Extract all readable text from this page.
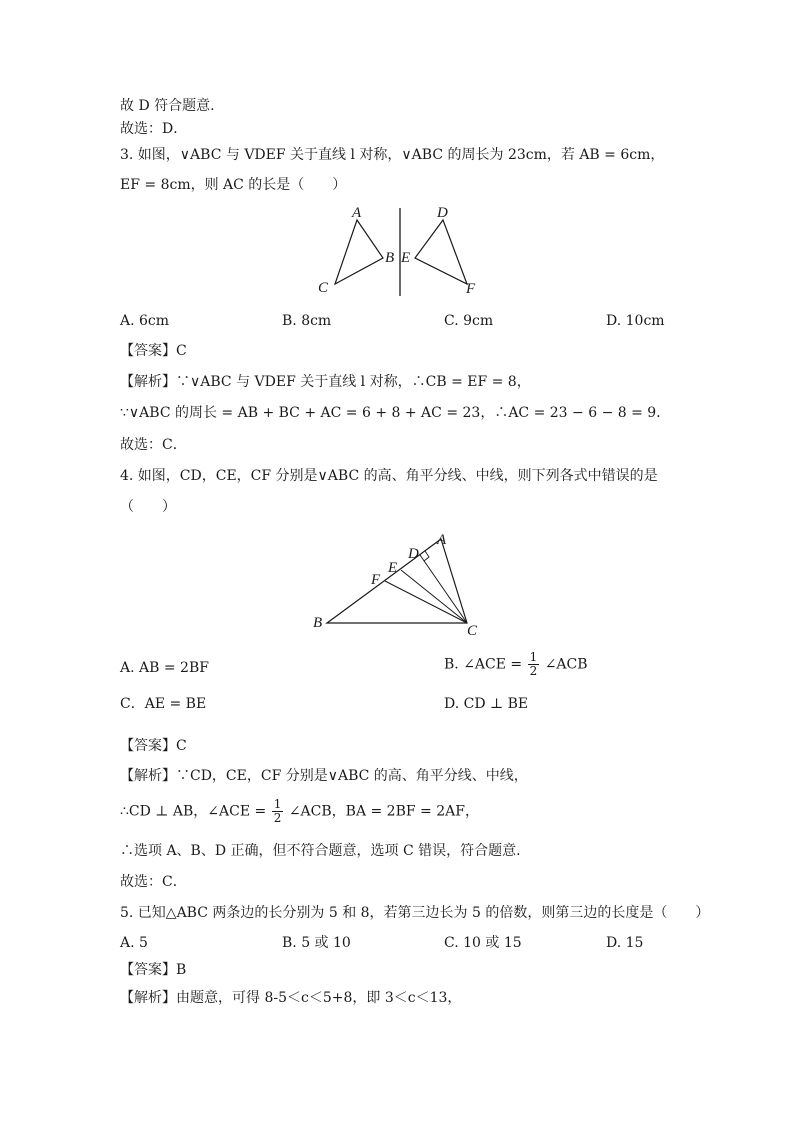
故 D 符合题意.
故选：D．
3. 如图，∨ABC 与 VDEF 关于直线 l 对称，∨ABC 的周长为 23cm，若 AB = 6cm，
EF = 8cm，则 AC 的长是（　　）
A
B
C
D
E
F
A. 6cm	B. 8cm	C. 9cm	D. 10cm
【答案】C
【解析】∵∨ABC 与 VDEF 关于直线 l 对称，∴CB = EF = 8，
∵∨ABC 的周长 = AB + BC + AC = 6 + 8 + AC = 23，∴AC = 23 − 6 − 8 = 9．
故选：C．
4. 如图，CD，CE，CF 分别是∨ABC 的高、角平分线、中线，则下列各式中错误的是
（　　）
A
B	C
D
E
F
A. AB = 2BF	B. ∠ACE = $\frac{1}{2}$ ∠ACB
C．AE = BE	D. CD ⊥ BE
【答案】C
【解析】∵CD，CE，CF 分别是∨ABC 的高、角平分线、中线，
∴CD ⊥ AB，∠ACE = $\frac{1}{2}$ ∠ACB，BA = 2BF = 2AF，
∴选项 A、B、D 正确，但不符合题意，选项 C 错误，符合题意.
故选：C．
5. 已知△ABC 两条边的长分别为 5 和 8，若第三边长为 5 的倍数，则第三边的长度是（　　）
A. 5	B. 5 或 10	C. 10 或 15	D. 15
【答案】B
【解析】由题意，可得 8-5＜c＜5+8，即 3＜c＜13，
